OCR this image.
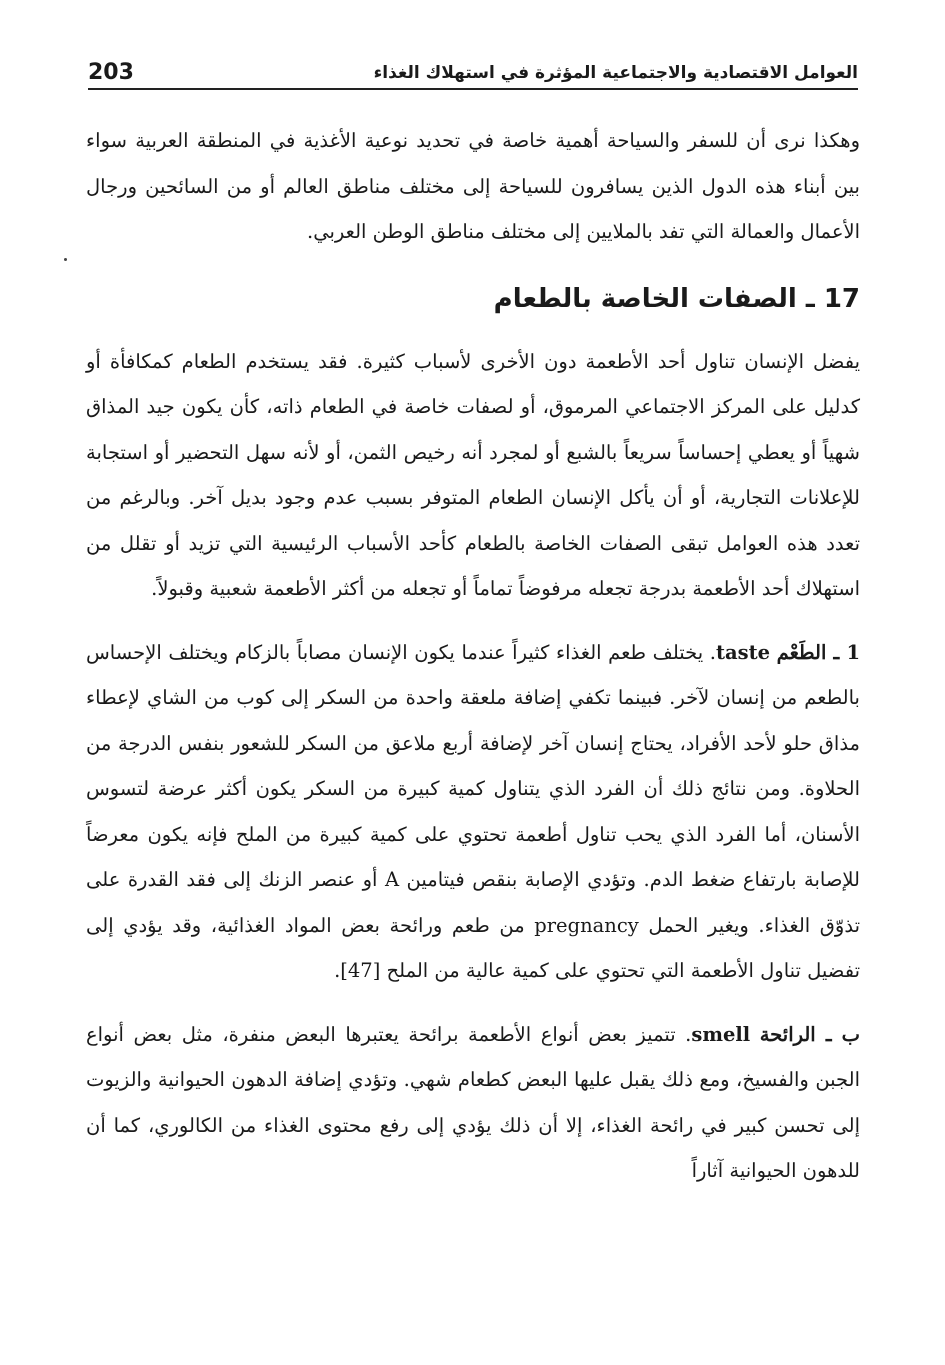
العوامل الاقتصادية والاجتماعية المؤثرة في استهلاك الغذاء
203

وهكذا نرى أن للسفر والسياحة أهمية خاصة في تحديد نوعية الأغذية في المنطقة العربية سواء بين أبناء هذه الدول الذين يسافرون للسياحة إلى مختلف مناطق العالم أو من السائحين ورجال الأعمال والعمالة التي تفد بالملايين إلى مختلف مناطق الوطن العربي.

17 ـ الصفات الخاصة بالطعام

يفضل الإنسان تناول أحد الأطعمة دون الأخرى لأسباب كثيرة. فقد يستخدم الطعام كمكافأة أو كدليل على المركز الاجتماعي المرموق، أو لصفات خاصة في الطعام ذاته، كأن يكون جيد المذاق شهياً أو يعطي إحساساً سريعاً بالشبع أو لمجرد أنه رخيص الثمن، أو لأنه سهل التحضير أو استجابة للإعلانات التجارية، أو أن يأكل الإنسان الطعام المتوفر بسبب عدم وجود بديل آخر. وبالرغم من تعدد هذه العوامل تبقى الصفات الخاصة بالطعام كأحد الأسباب الرئيسية التي تزيد أو تقلل من استهلاك أحد الأطعمة بدرجة تجعله مرفوضاً تماماً أو تجعله من أكثر الأطعمة شعبية وقبولاً.

1 ـ الطَعْم taste. يختلف طعم الغذاء كثيراً عندما يكون الإنسان مصاباً بالزكام ويختلف الإحساس بالطعم من إنسان لآخر. فبينما تكفي إضافة ملعقة واحدة من السكر إلى كوب من الشاي لإعطاء مذاق حلو لأحد الأفراد، يحتاج إنسان آخر لإضافة أربع ملاعق من السكر للشعور بنفس الدرجة من الحلاوة. ومن نتائج ذلك أن الفرد الذي يتناول كمية كبيرة من السكر يكون أكثر عرضة لتسوس الأسنان، أما الفرد الذي يحب تناول أطعمة تحتوي على كمية كبيرة من الملح فإنه يكون معرضاً للإصابة بارتفاع ضغط الدم. وتؤدي الإصابة بنقص فيتامين A أو عنصر الزنك إلى فقد القدرة على تذوّق الغذاء. ويغير الحمل pregnancy من طعم ورائحة بعض المواد الغذائية، وقد يؤدي إلى تفضيل تناول الأطعمة التي تحتوي على كمية عالية من الملح [47].

ب ـ الرائحة smell. تتميز بعض أنواع الأطعمة برائحة يعتبرها البعض منفرة، مثل بعض أنواع الجبن والفسيخ، ومع ذلك يقبل عليها البعض كطعام شهي. وتؤدي إضافة الدهون الحيوانية والزيوت إلى تحسن كبير في رائحة الغذاء، إلا أن ذلك يؤدي إلى رفع محتوى الغذاء من الكالوري، كما أن للدهون الحيوانية آثاراً
